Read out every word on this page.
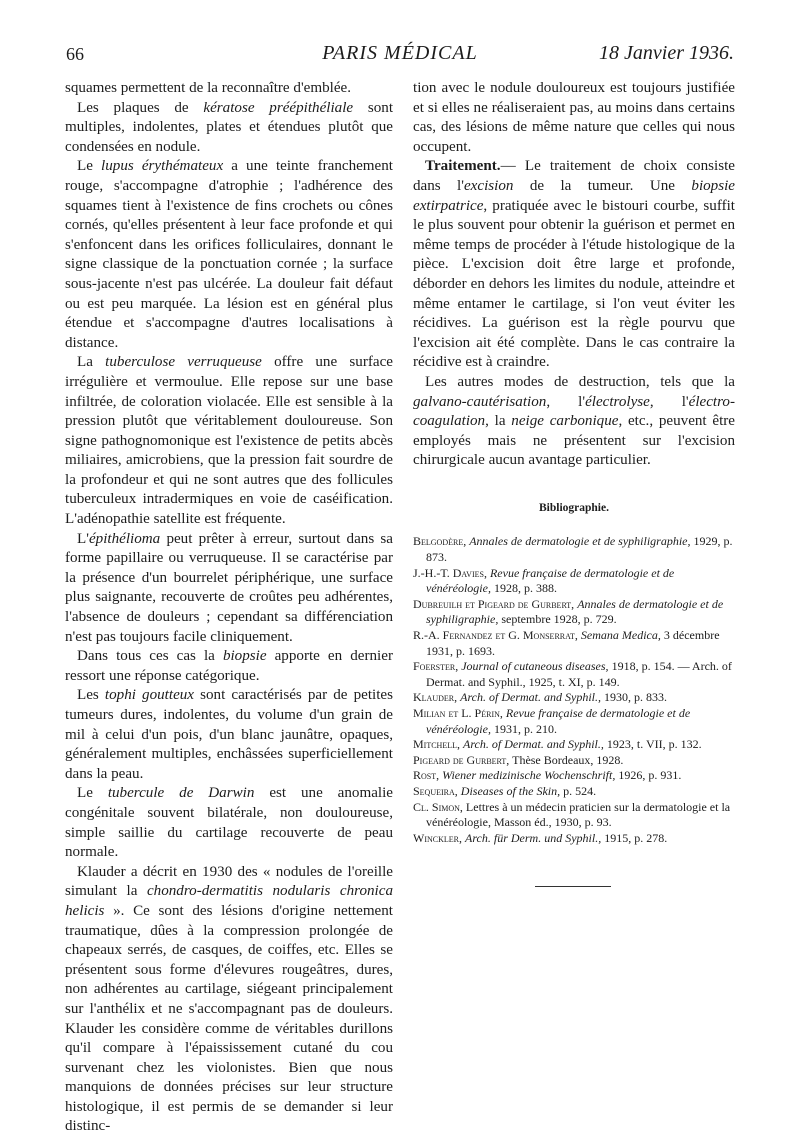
66	PARIS MÉDICAL	18 Janvier 1936.

squames permettent de la reconnaître d'emblée.

Les plaques de kératose préépithéliale sont multiples, indolentes, plates et étendues plutôt que condensées en nodule.

Le lupus érythémateux a une teinte franchement rouge, s'accompagne d'atrophie ; l'adhérence des squames tient à l'existence de fins crochets ou cônes cornés, qu'elles présentent à leur face profonde et qui s'enfoncent dans les orifices folliculaires, donnant le signe classique de la ponctuation cornée ; la surface sous-jacente n'est pas ulcérée. La douleur fait défaut ou est peu marquée. La lésion est en général plus étendue et s'accompagne d'autres localisations à distance.

La tuberculose verruqueuse offre une surface irrégulière et vermoulue. Elle repose sur une base infiltrée, de coloration violacée. Elle est sensible à la pression plutôt que véritablement douloureuse. Son signe pathognomonique est l'existence de petits abcès miliaires, amicrobiens, que la pression fait sourdre de la profondeur et qui ne sont autres que des follicules tuberculeux intradermiques en voie de caséification. L'adénopathie satellite est fréquente.

L'épithélioma peut prêter à erreur, surtout dans sa forme papillaire ou verruqueuse. Il se caractérise par la présence d'un bourrelet périphérique, une surface plus saignante, recouverte de croûtes peu adhérentes, l'absence de douleurs ; cependant sa différenciation n'est pas toujours facile cliniquement.

Dans tous ces cas la biopsie apporte en dernier ressort une réponse catégorique.

Les tophi goutteux sont caractérisés par de petites tumeurs dures, indolentes, du volume d'un grain de mil à celui d'un pois, d'un blanc jaunâtre, opaques, généralement multiples, enchâssées superficiellement dans la peau.

Le tubercule de Darwin est une anomalie congénitale souvent bilatérale, non douloureuse, simple saillie du cartilage recouverte de peau normale.

Klauder a décrit en 1930 des « nodules de l'oreille simulant la chondro-dermatitis nodularis chronica helicis ». Ce sont des lésions d'origine nettement traumatique, dûes à la compression prolongée de chapeaux serrés, de casques, de coiffes, etc. Elles se présentent sous forme d'élevures rougeâtres, dures, non adhérentes au cartilage, siégeant principalement sur l'anthélix et ne s'accompagnant pas de douleurs. Klauder les considère comme de véritables durillons qu'il compare à l'épaississement cutané du cou survenant chez les violonistes. Bien que nous manquions de données précises sur leur structure histologique, il est permis de se demander si leur distinc-

tion avec le nodule douloureux est toujours justifiée et si elles ne réaliseraient pas, au moins dans certains cas, des lésions de même nature que celles qui nous occupent.

Traitement.— Le traitement de choix consiste dans l'excision de la tumeur. Une biopsie extirpatrice, pratiquée avec le bistouri courbe, suffit le plus souvent pour obtenir la guérison et permet en même temps de procéder à l'étude histologique de la pièce. L'excision doit être large et profonde, déborder en dehors les limites du nodule, atteindre et même entamer le cartilage, si l'on veut éviter les récidives. La guérison est la règle pourvu que l'excision ait été complète. Dans le cas contraire la récidive est à craindre.

Les autres modes de destruction, tels que la galvano-cautérisation, l'électrolyse, l'électro-coagulation, la neige carbonique, etc., peuvent être employés mais ne présentent sur l'excision chirurgicale aucun avantage particulier.

Bibliographie.

Belgodère, Annales de dermatologie et de syphiligraphie, 1929, p. 873.

J.-H.-T. Davies, Revue française de dermatologie et de vénéréologie, 1928, p. 388.

Dubreuilh et Pigeard de Gurbert, Annales de dermatologie et de syphiligraphie, septembre 1928, p. 729.

R.-A. Fernandez et G. Monserrat, Semana Medica, 3 décembre 1931, p. 1693.

Foerster, Journal of cutaneous diseases, 1918, p. 154. — Arch. of Dermat. and Syphil., 1925, t. XI, p. 149.

Klauder, Arch. of Dermat. and Syphil., 1930, p. 833.

Milian et L. Périn, Revue française de dermatologie et de vénéréologie, 1931, p. 210.

Mitchell, Arch. of Dermat. and Syphil., 1923, t. VII, p. 132.

Pigeard de Gurbert, Thèse Bordeaux, 1928.

Rost, Wiener medizinische Wochenschrift, 1926, p. 931.

Sequeira, Diseases of the Skin, p. 524.

Cl. Simon, Lettres à un médecin praticien sur la dermatologie et la vénéréologie, Masson éd., 1930, p. 93.

Winckler, Arch. für Derm. und Syphil., 1915, p. 278.
